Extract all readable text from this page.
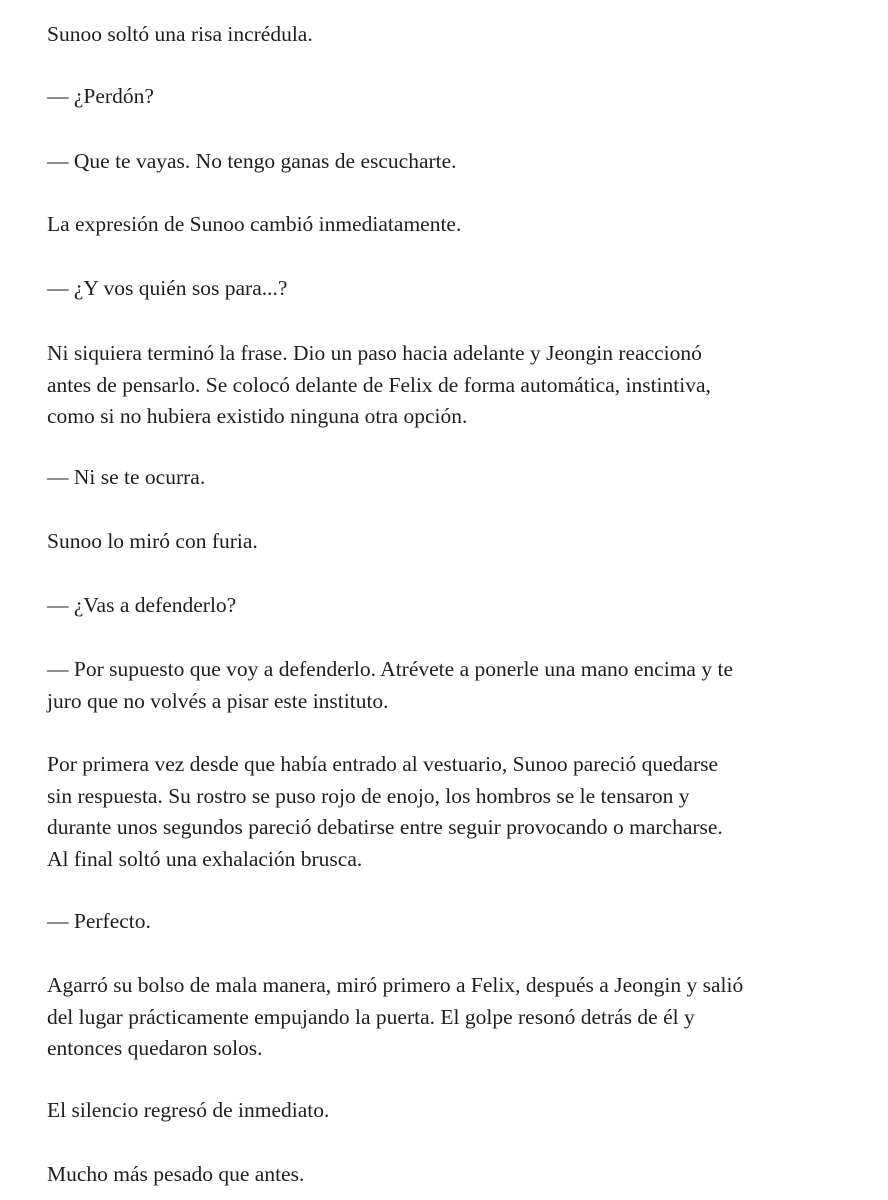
Sunoo soltó una risa incrédula.

— ¿Perdón?

— Que te vayas. No tengo ganas de escucharte.

La expresión de Sunoo cambió inmediatamente.

— ¿Y vos quién sos para...?

Ni siquiera terminó la frase. Dio un paso hacia adelante y Jeongin reaccionó
antes de pensarlo. Se colocó delante de Felix de forma automática, instintiva,
como si no hubiera existido ninguna otra opción.

— Ni se te ocurra.

Sunoo lo miró con furia.

— ¿Vas a defenderlo?

— Por supuesto que voy a defenderlo. Atrévete a ponerle una mano encima y te
juro que no volvés a pisar este instituto.

Por primera vez desde que había entrado al vestuario, Sunoo pareció quedarse
sin respuesta. Su rostro se puso rojo de enojo, los hombros se le tensaron y
durante unos segundos pareció debatirse entre seguir provocando o marcharse.
Al final soltó una exhalación brusca.

— Perfecto.

Agarró su bolso de mala manera, miró primero a Felix, después a Jeongin y salió
del lugar prácticamente empujando la puerta. El golpe resonó detrás de él y
entonces quedaron solos.

El silencio regresó de inmediato.

Mucho más pesado que antes.
